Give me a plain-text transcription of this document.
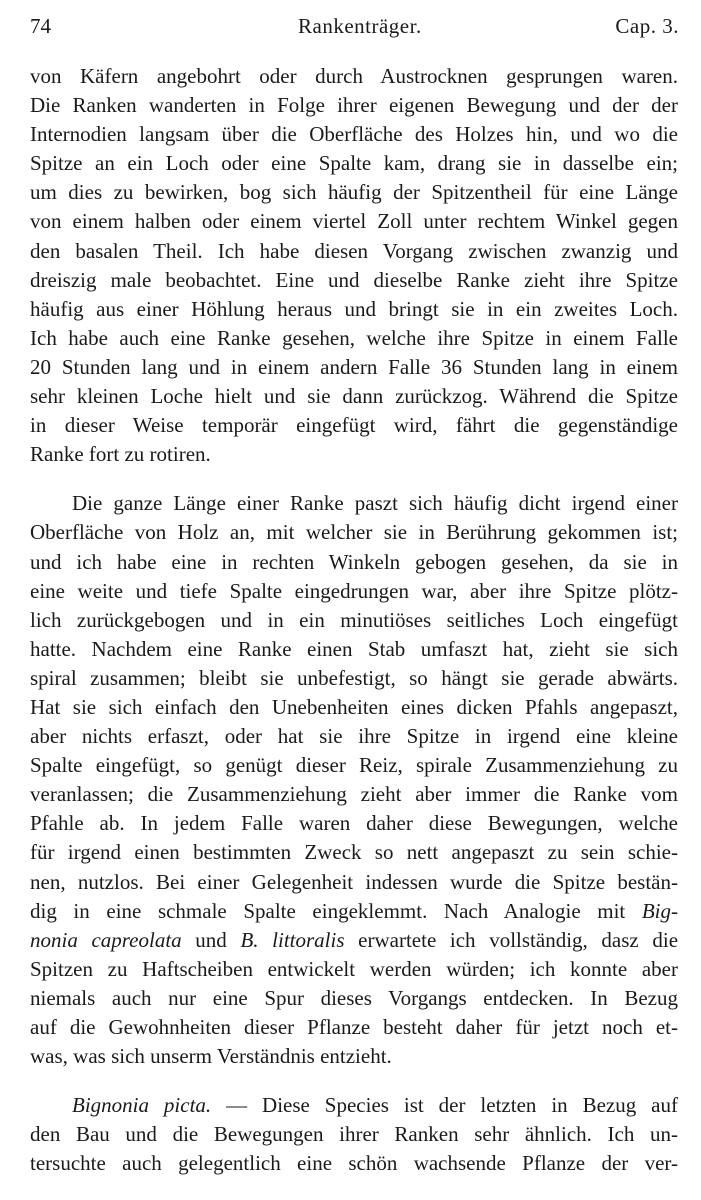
74	Rankenträger.	Cap. 3.
von Käfern angebohrt oder durch Austrocknen gesprungen waren.
Die Ranken wanderten in Folge ihrer eigenen Bewegung und der der
Internodien langsam über die Oberfläche des Holzes hin, und wo die
Spitze an ein Loch oder eine Spalte kam, drang sie in dasselbe ein;
um dies zu bewirken, bog sich häufig der Spitzentheil für eine Länge
von einem halben oder einem viertel Zoll unter rechtem Winkel gegen
den basalen Theil. Ich habe diesen Vorgang zwischen zwanzig und
dreiszig male beobachtet. Eine und dieselbe Ranke zieht ihre Spitze
häufig aus einer Höhlung heraus und bringt sie in ein zweites Loch.
Ich habe auch eine Ranke gesehen, welche ihre Spitze in einem Falle
20 Stunden lang und in einem andern Falle 36 Stunden lang in einem
sehr kleinen Loche hielt und sie dann zurückzog. Während die Spitze
in dieser Weise temporär eingefügt wird, fährt die gegenständige
Ranke fort zu rotiren.
Die ganze Länge einer Ranke paszt sich häufig dicht irgend einer
Oberfläche von Holz an, mit welcher sie in Berührung gekommen ist;
und ich habe eine in rechten Winkeln gebogen gesehen, da sie in
eine weite und tiefe Spalte eingedrungen war, aber ihre Spitze plötz-
lich zurückgebogen und in ein minutiöses seitliches Loch eingefügt
hatte. Nachdem eine Ranke einen Stab umfaszt hat, zieht sie sich
spiral zusammen; bleibt sie unbefestigt, so hängt sie gerade abwärts.
Hat sie sich einfach den Unebenheiten eines dicken Pfahls angepaszt,
aber nichts erfaszt, oder hat sie ihre Spitze in irgend eine kleine
Spalte eingefügt, so genügt dieser Reiz, spirale Zusammenziehung zu
veranlassen; die Zusammenziehung zieht aber immer die Ranke vom
Pfahle ab. In jedem Falle waren daher diese Bewegungen, welche
für irgend einen bestimmten Zweck so nett angepaszt zu sein schie-
nen, nutzlos. Bei einer Gelegenheit indessen wurde die Spitze bestän-
dig in eine schmale Spalte eingeklemmt. Nach Analogie mit Big-
nonia capreolata und B. littoralis erwartete ich vollständig, dasz die
Spitzen zu Haftscheiben entwickelt werden würden; ich konnte aber
niemals auch nur eine Spur dieses Vorgangs entdecken. In Bezug
auf die Gewohnheiten dieser Pflanze besteht daher für jetzt noch et-
was, was sich unserm Verständnis entzieht.
Bignonia picta. — Diese Species ist der letzten in Bezug auf
den Bau und die Bewegungen ihrer Ranken sehr ähnlich. Ich un-
tersuchte auch gelegentlich eine schön wachsende Pflanze der ver-
